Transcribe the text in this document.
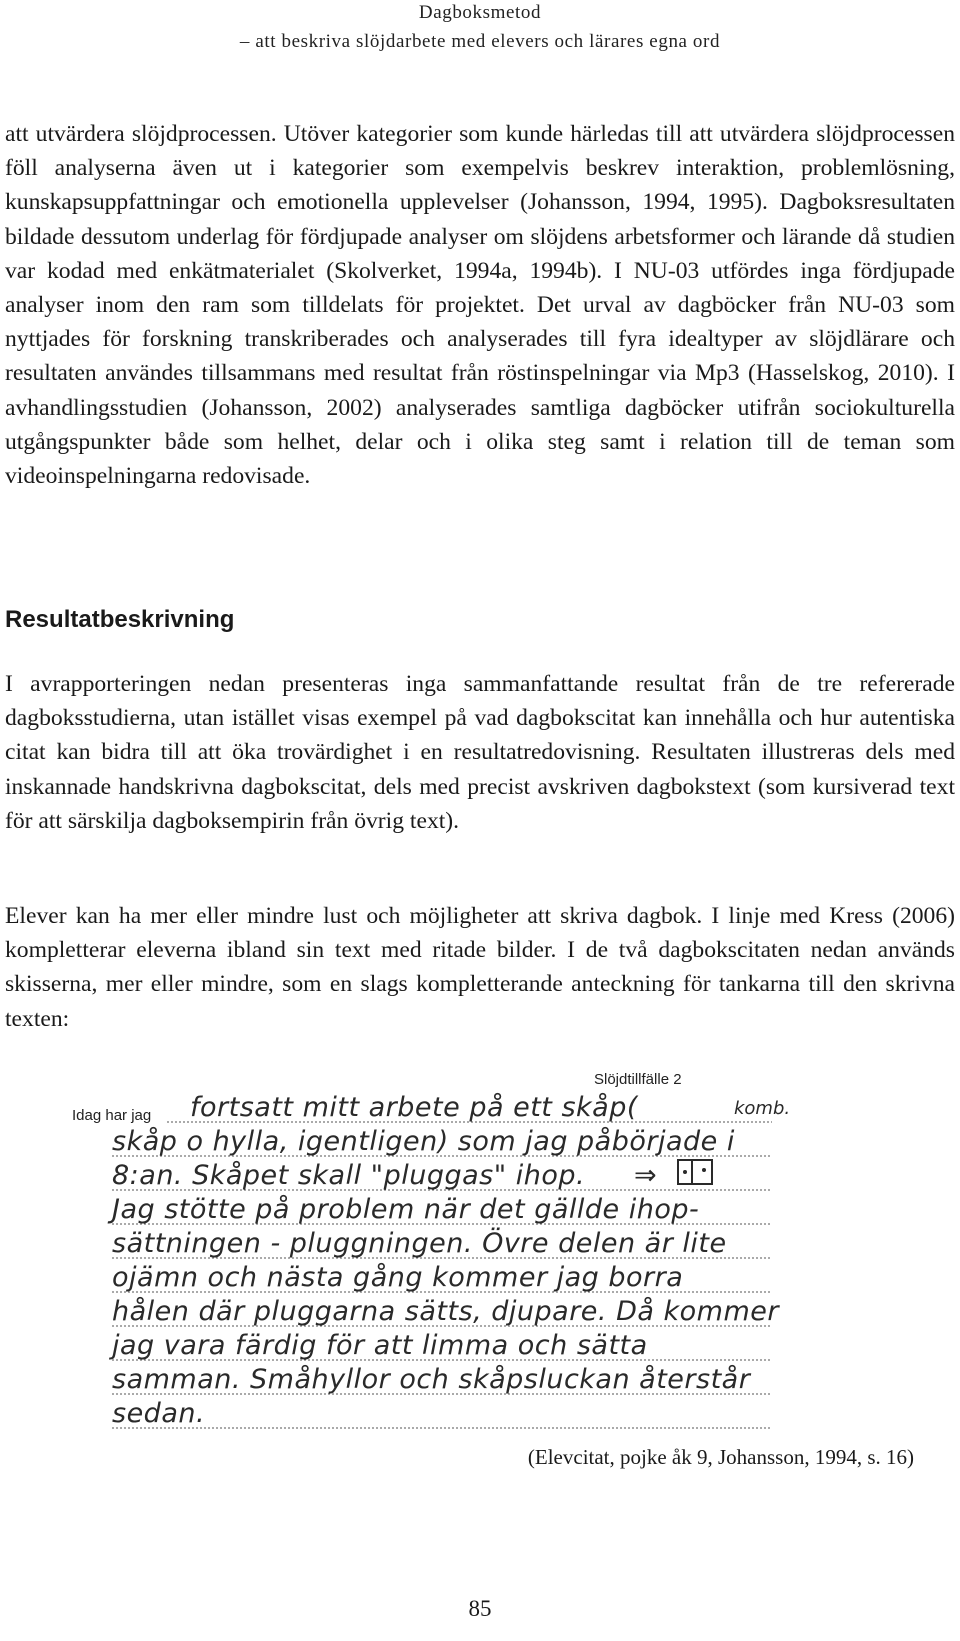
Dagboksmetod
– att beskriva slöjdarbete med elevers och lärares egna ord

att utvärdera slöjdprocessen. Utöver kategorier som kunde härledas till att utvärdera slöjdprocessen föll analyserna även ut i kategorier som exempelvis beskrev interaktion, problemlösning, kunskapsuppfattningar och emotionella upplevelser (Johansson, 1994, 1995). Dagboksresultaten bildade dessutom underlag för fördjupade analyser om slöjdens arbetsformer och lärande då studien var kodad med enkätmaterialet (Skolverket, 1994a, 1994b). I NU-03 utfördes inga fördjupade analyser inom den ram som tilldelats för projektet. Det urval av dagböcker från NU-03 som nyttjades för forskning transkriberades och analyserades till fyra idealtyper av slöjdlärare och resultaten användes tillsammans med resultat från röstinspelningar via Mp3 (Hasselskog, 2010). I avhandlingsstudien (Johansson, 2002) analyserades samtliga dagböcker utifrån sociokulturella utgångspunkter både som helhet, delar och i olika steg samt i relation till de teman som videoinspelningarna redovisade.

Resultatbeskrivning

I avrapporteringen nedan presenteras inga sammanfattande resultat från de tre refererade dagboksstudierna, utan istället visas exempel på vad dagbokscitat kan innehålla och hur autentiska citat kan bidra till att öka trovärdighet i en resultatredovisning. Resultaten illustreras dels med inskannade handskrivna dagbokscitat, dels med precist avskriven dagbokstext (som kursiverad text för att särskilja dagboksempirin från övrig text).

Elever kan ha mer eller mindre lust och möjligheter att skriva dagbok. I linje med Kress (2006) kompletterar eleverna ibland sin text med ritade bilder. I de två dagbokscitaten nedan används skisserna, mer eller mindre, som en slags kompletterande anteckning för tankarna till den skrivna texten:

Slöjdtillfälle 2
Idag har jag fortsatt mitt arbete på ett skåp(	komb.
skåp o hylla, igentligen) som jag påbörjade i
8:an. Skåpet skall "pluggas" ihop. ⇒
Jag stötte på problem när det gällde ihop-
sättningen - pluggningen. Övre delen är lite
ojämn och nästa gång kommer jag borra
hålen där pluggarna sätts, djupare. Då kommer
jag vara färdig för att limma och sätta
samman. Småhyllor och skåpsluckan återstår
sedan.

(Elevcitat, pojke åk 9, Johansson, 1994, s. 16)

85
